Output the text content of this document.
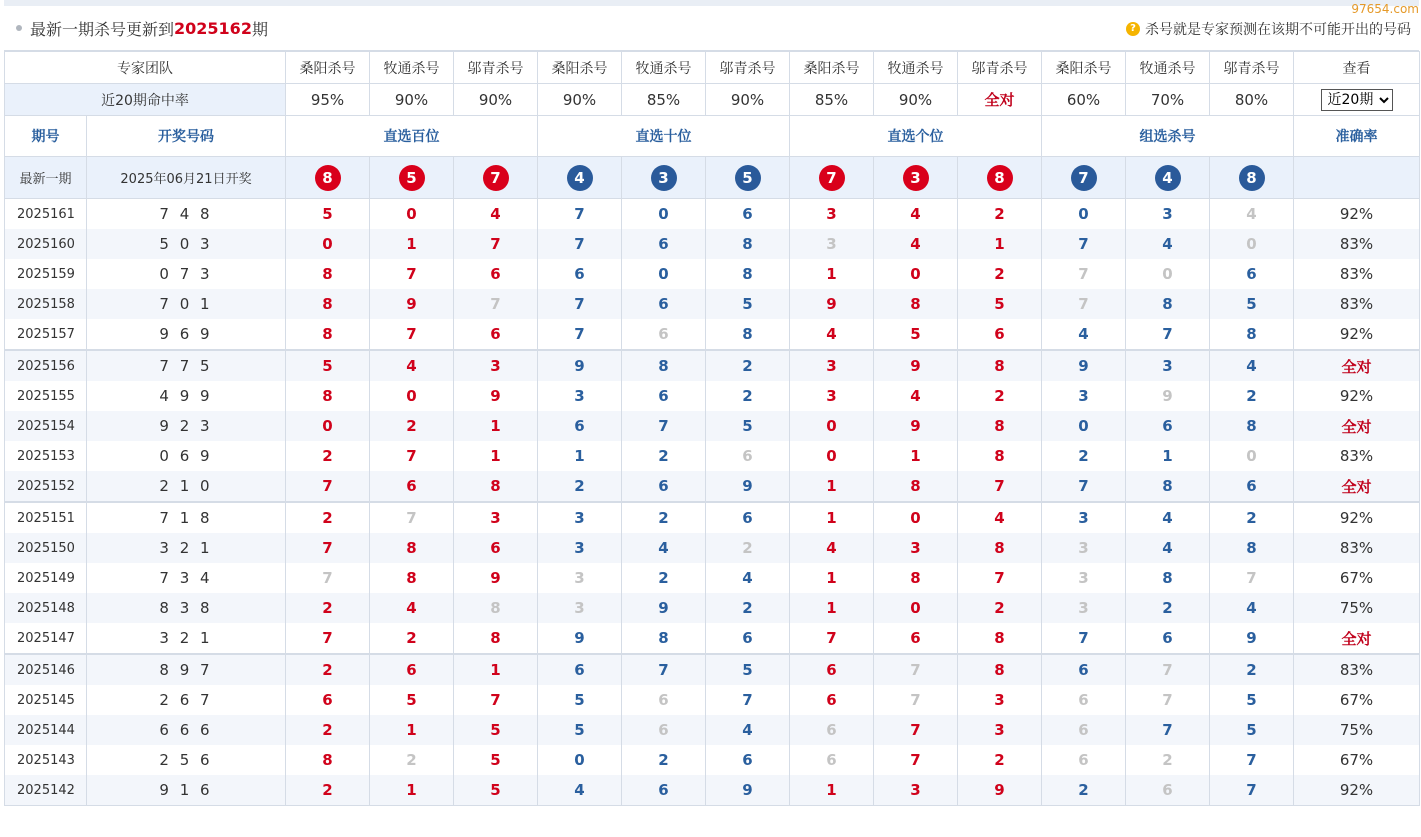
最新一期杀号更新到 2025162 期	? 杀号就是专家预测在该期不可能开出的号码
专家团队		桑阳杀号	牧通杀号	邬青杀号	桑阳杀号	牧通杀号	邬青杀号	桑阳杀号	牧通杀号	邬青杀号	桑阳杀号	牧通杀号	邬青杀号	查看
近20期命中率		95%	90%	90%	90%	85%	90%	85%	90%	全对	60%	70%	80%	
近20期
期号	开奖号码	直选百位			直选十位			直选个位			组选杀号			准确率
最新一期	2025年06月21日开奖	8	5	7	4	3	5	7	3	8	7	4	8	
2025161	7 4 8	5	0	4	7	0	6	3	4	2	0	3	4	92%
2025160	5 0 3	0	1	7	7	6	8	3	4	1	7	4	0	83%
2025159	0 7 3	8	7	6	6	0	8	1	0	2	7	0	6	83%
2025158	7 0 1	8	9	7	7	6	5	9	8	5	7	8	5	83%
2025157	9 6 9	8	7	6	7	6	8	4	5	6	4	7	8	92%
2025156	7 7 5	5	4	3	9	8	2	3	9	8	9	3	4	全对
2025155	4 9 9	8	0	9	3	6	2	3	4	2	3	9	2	92%
2025154	9 2 3	0	2	1	6	7	5	0	9	8	0	6	8	全对
2025153	0 6 9	2	7	1	1	2	6	0	1	8	2	1	0	83%
2025152	2 1 0	7	6	8	2	6	9	1	8	7	7	8	6	全对
2025151	7 1 8	2	7	3	3	2	6	1	0	4	3	4	2	92%
2025150	3 2 1	7	8	6	3	4	2	4	3	8	3	4	8	83%
2025149	7 3 4	7	8	9	3	2	4	1	8	7	3	8	7	67%
2025148	8 3 8	2	4	8	3	9	2	1	0	2	3	2	4	75%
2025147	3 2 1	7	2	8	9	8	6	7	6	8	7	6	9	全对
2025146	8 9 7	2	6	1	6	7	5	6	7	8	6	7	2	83%
2025145	2 6 7	6	5	7	5	6	7	6	7	3	6	7	5	67%
2025144	6 6 6	2	1	5	5	6	4	6	7	3	6	7	5	75%
2025143	2 5 6	8	2	5	0	2	6	6	7	2	6	2	7	67%
2025142	9 1 6	2	1	5	4	6	9	1	3	9	2	6	7	92%
97654.com
